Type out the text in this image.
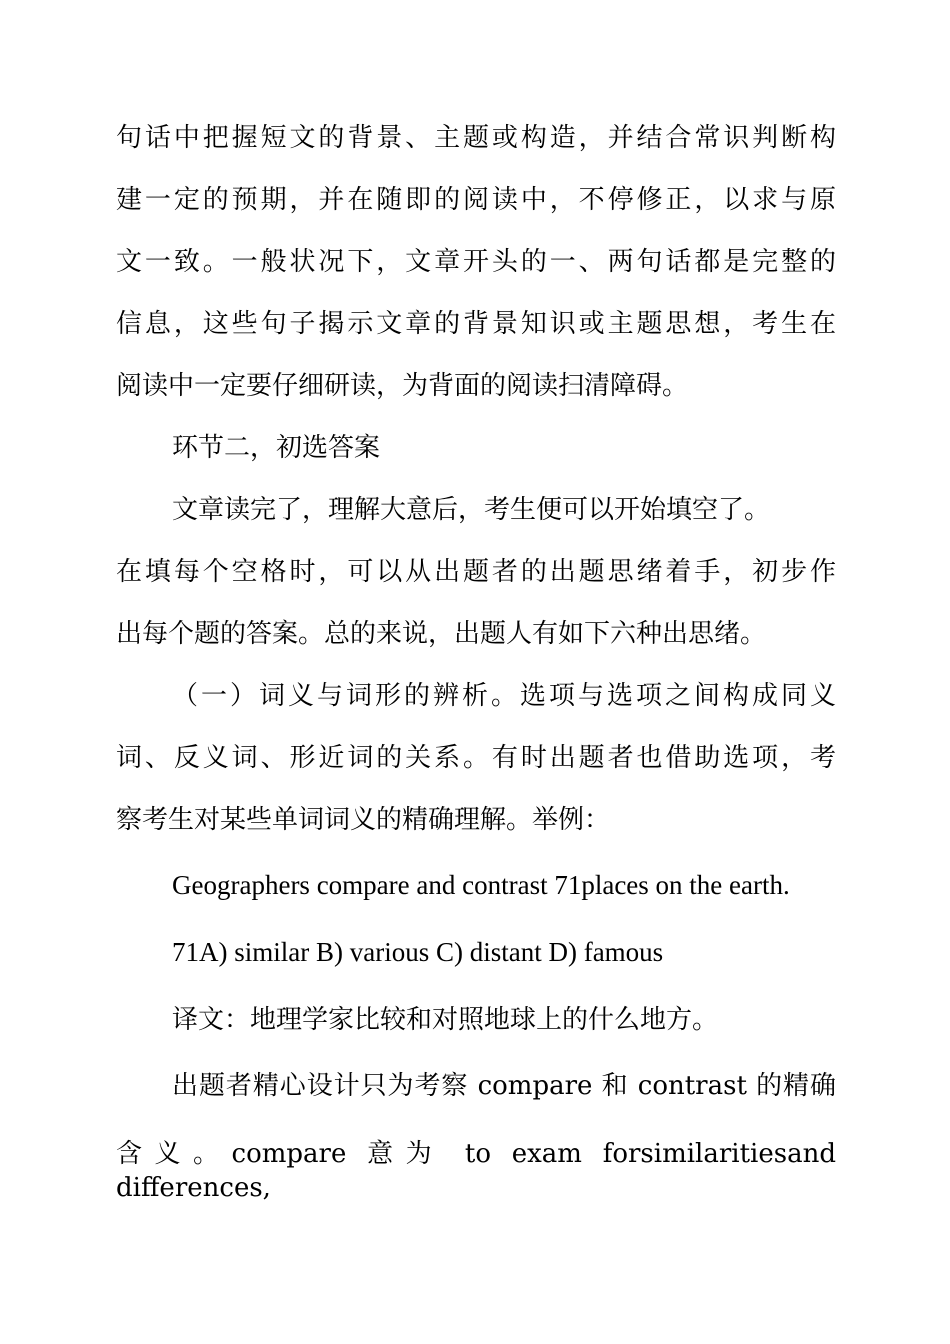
句话中把握短文的背景、主题或构造，并结合常识判断构
建一定的预期，并在随即的阅读中，不停修正，以求与原
文一致。一般状况下，文章开头的一、两句话都是完整的
信息，这些句子揭示文章的背景知识或主题思想，考生在
阅读中一定要仔细研读，为背面的阅读扫清障碍。
环节二，初选答案
文章读完了，理解大意后，考生便可以开始填空了。
在填每个空格时，可以从出题者的出题思绪着手，初步作
出每个题的答案。总的来说，出题人有如下六种出思绪。
（一）词义与词形的辨析。选项与选项之间构成同义
词、反义词、形近词的关系。有时出题者也借助选项，考
察考生对某些单词词义的精确理解。举例：
Geographers compare and contrast 71places on the earth.
71A) similar B) various C) distant D) famous
译文：地理学家比较和对照地球上的什么地方。
出题者精心设计只为考察 compare 和 contrast 的精确
含义。compare 意为 to exam forsimilaritiesand differences,
